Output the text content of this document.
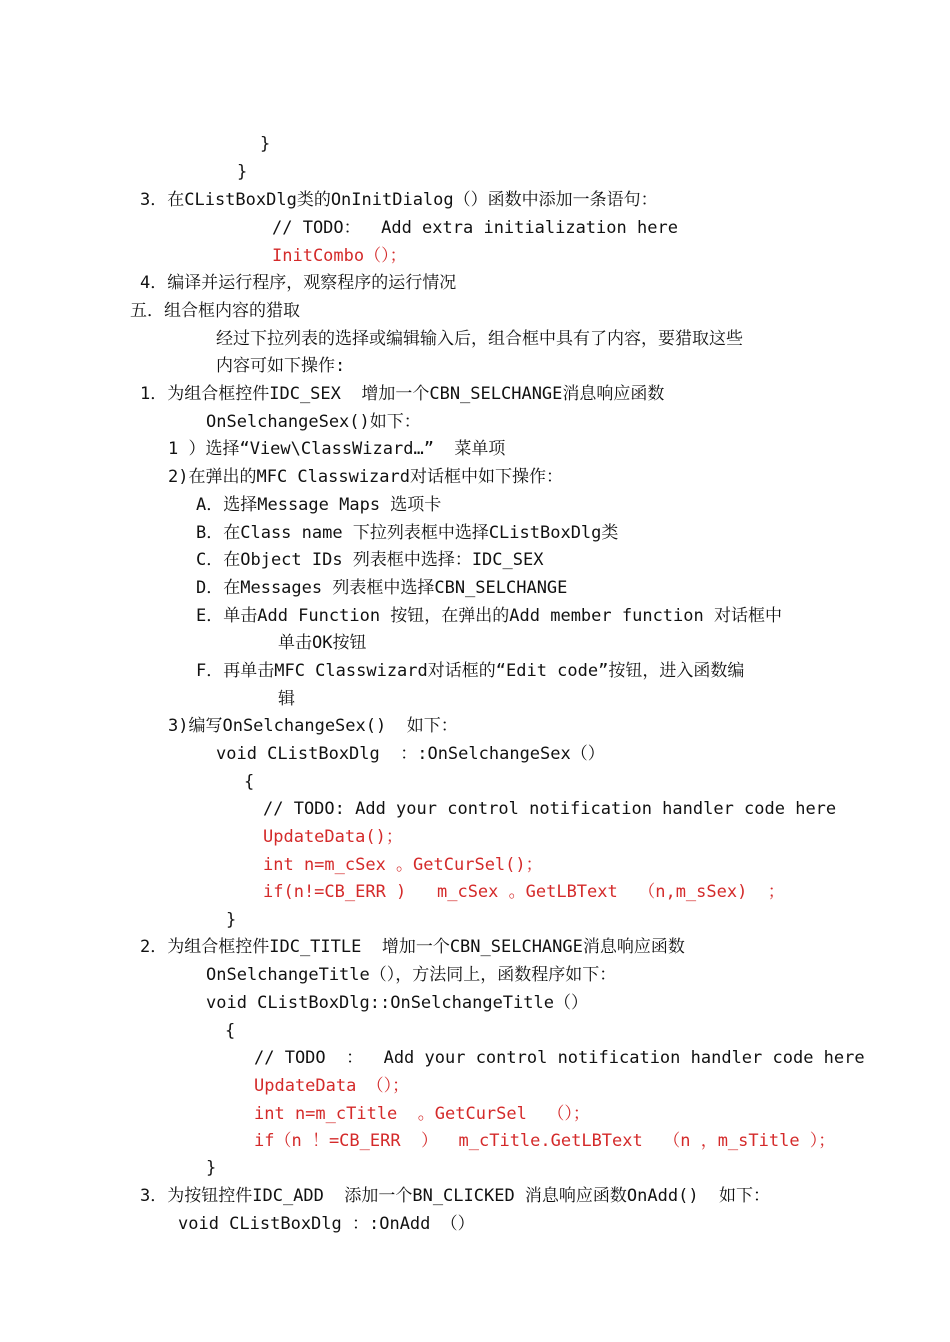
}
}
3．在CListBoxDlg类的OnInitDialog（）函数中添加一条语句：
// TODO：  Add extra initialization here
InitCombo（）；
4．编译并运行程序，观察程序的运行情况
五．组合框内容的猎取
经过下拉列表的选择或编辑输入后，组合框中具有了内容，要猎取这些
内容可如下操作:
1．为组合框控件IDC_SEX  增加一个CBN_SELCHANGE消息响应函数
OnSelchangeSex()如下：
1 ）选择“View\ClassWizard…”  菜单项
2)在弹出的MFC Classwizard对话框中如下操作：
A．选择Message Maps 选项卡
B．在Class name 下拉列表框中选择CListBoxDlg类
C．在Object IDs 列表框中选择：IDC_SEX
D．在Messages 列表框中选择CBN_SELCHANGE
E．单击Add Function 按钮，在弹出的Add member function 对话框中
单击OK按钮
F．再单击MFC Classwizard对话框的“Edit code”按钮，进入函数编
辑
3)编写OnSelchangeSex()  如下：
void CListBoxDlg  ：:OnSelchangeSex（）
{
// TODO: Add your control notification handler code here
UpdateData()；
int n=m_cSex 。GetCurSel()；
if(n!=CB_ERR )   m_cSex 。GetLBText  （n,m_sSex)  ；
}
2．为组合框控件IDC_TITLE  增加一个CBN_SELCHANGE消息响应函数
OnSelchangeTitle（），方法同上，函数程序如下：
void CListBoxDlg::OnSelchangeTitle（）
{
// TODO  ：  Add your control notification handler code here
UpdateData （）；
int n=m_cTitle  。GetCurSel  （）；
if（n ！=CB_ERR  ）  m_cTitle.GetLBText  （n ，m_sTitle ）；
}
3．为按钮控件IDC_ADD  添加一个BN_CLICKED 消息响应函数OnAdd()  如下：
void CListBoxDlg ：:OnAdd （）
